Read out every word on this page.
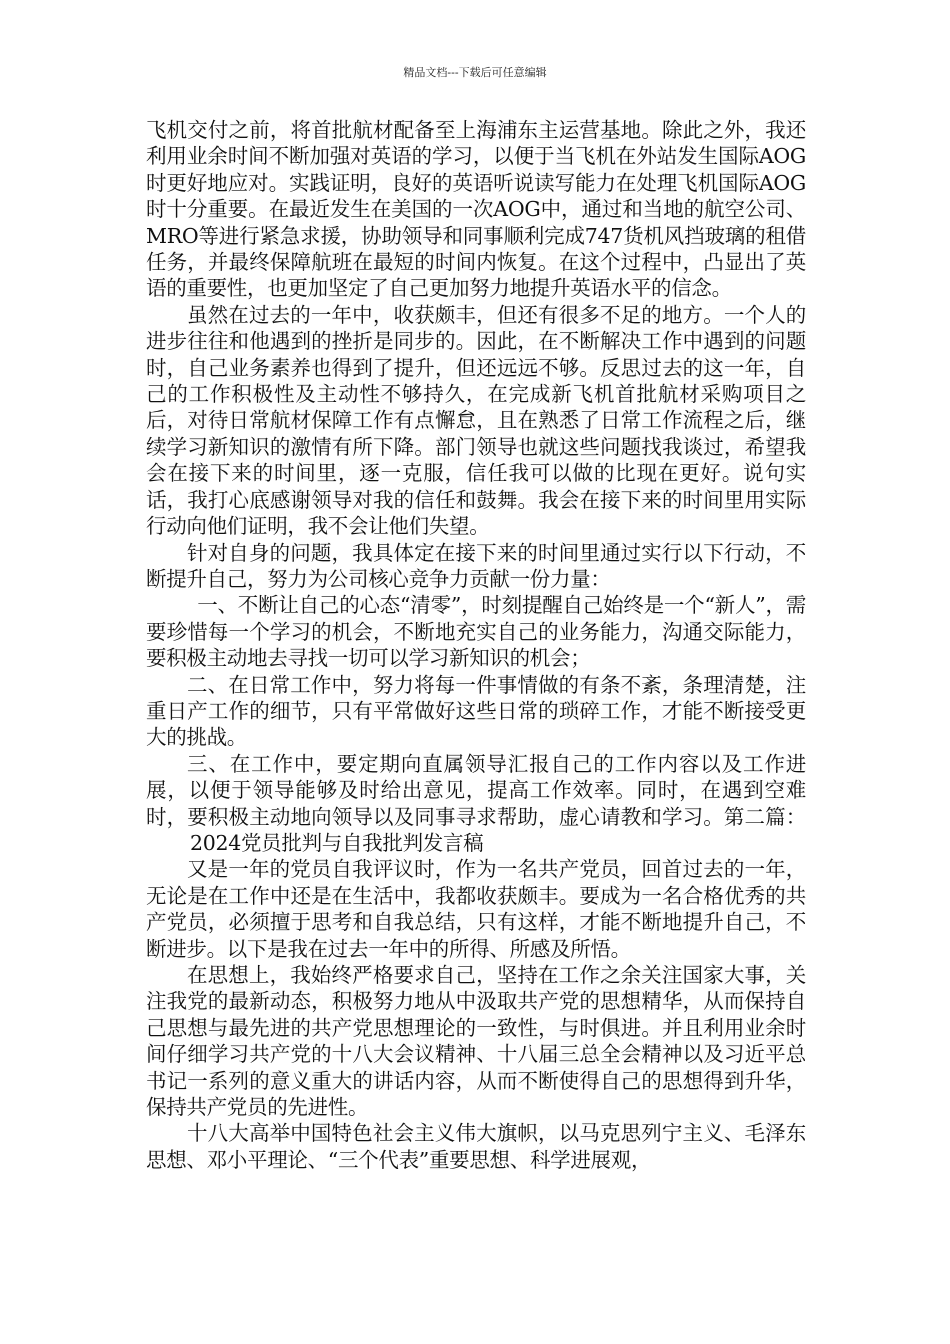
精品文档---下载后可任意编辑

飞机交付之前，将首批航材配备至上海浦东主运营基地。除此之外，我还利用业余时间不断加强对英语的学习，以便于当飞机在外站发生国际AOG时更好地应对。实践证明，良好的英语听说读写能力在处理飞机国际AOG时十分重要。在最近发生在美国的一次AOG中，通过和当地的航空公司、MRO等进行紧急求援，协助领导和同事顺利完成747货机风挡玻璃的租借任务，并最终保障航班在最短的时间内恢复。在这个过程中，凸显出了英语的重要性，也更加坚定了自己更加努力地提升英语水平的信念。

虽然在过去的一年中，收获颇丰，但还有很多不足的地方。一个人的进步往往和他遇到的挫折是同步的。因此，在不断解决工作中遇到的问题时，自己业务素养也得到了提升，但还远远不够。反思过去的这一年，自己的工作积极性及主动性不够持久，在完成新飞机首批航材采购项目之后，对待日常航材保障工作有点懈怠，且在熟悉了日常工作流程之后，继续学习新知识的激情有所下降。部门领导也就这些问题找我谈过，希望我会在接下来的时间里，逐一克服，信任我可以做的比现在更好。说句实话，我打心底感谢领导对我的信任和鼓舞。我会在接下来的时间里用实际行动向他们证明，我不会让他们失望。

针对自身的问题，我具体定在接下来的时间里通过实行以下行动，不断提升自己，努力为公司核心竞争力贡献一份力量：

一、不断让自己的心态“清零”，时刻提醒自己始终是一个“新人”，需要珍惜每一个学习的机会，不断地充实自己的业务能力，沟通交际能力，要积极主动地去寻找一切可以学习新知识的机会；

二、在日常工作中，努力将每一件事情做的有条不紊，条理清楚，注重日产工作的细节，只有平常做好这些日常的琐碎工作，才能不断接受更大的挑战。

三、在工作中，要定期向直属领导汇报自己的工作内容以及工作进展，以便于领导能够及时给出意见，提高工作效率。同时，在遇到空难时，要积极主动地向领导以及同事寻求帮助，虚心请教和学习。第二篇：2024党员批判与自我批判发言稿

又是一年的党员自我评议时，作为一名共产党员，回首过去的一年，无论是在工作中还是在生活中，我都收获颇丰。要成为一名合格优秀的共产党员，必须擅于思考和自我总结，只有这样，才能不断地提升自己，不断进步。以下是我在过去一年中的所得、所感及所悟。

在思想上，我始终严格要求自己，坚持在工作之余关注国家大事，关注我党的最新动态，积极努力地从中汲取共产党的思想精华，从而保持自己思想与最先进的共产党思想理论的一致性，与时俱进。并且利用业余时间仔细学习共产党的十八大会议精神、十八届三总全会精神以及习近平总书记一系列的意义重大的讲话内容，从而不断使得自己的思想得到升华，保持共产党员的先进性。

十八大高举中国特色社会主义伟大旗帜，以马克思列宁主义、毛泽东思想、邓小平理论、“三个代表”重要思想、科学进展观，
